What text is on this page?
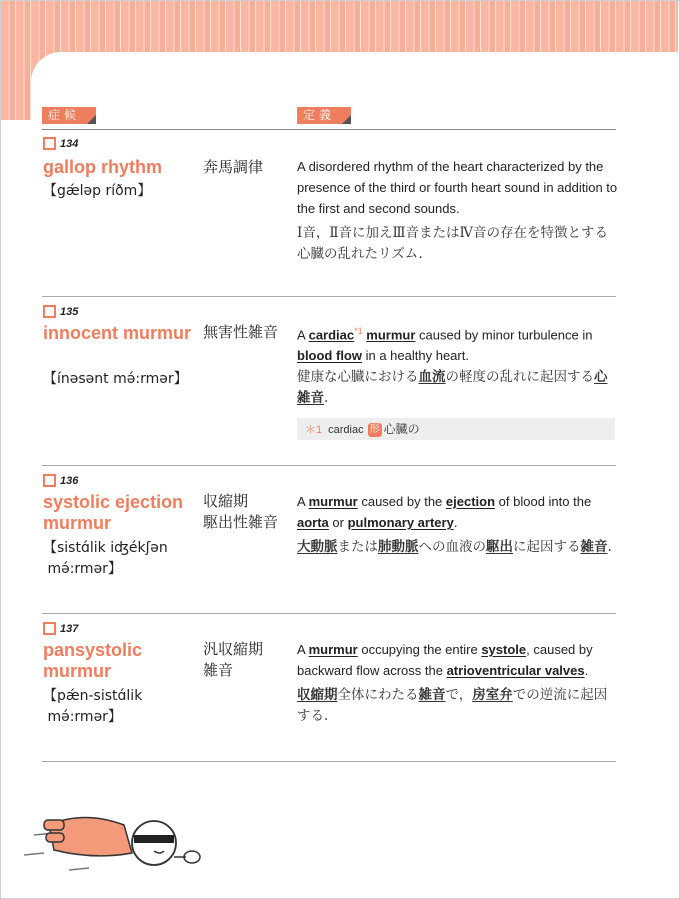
症候	定義
134
gallop rhythm
【gǽləp ríðm】
奔馬調律	A disordered rhythm of the heart characterized by the presence of the third or fourth heart sound in addition to the first and second sounds.
Ⅰ音，Ⅱ音に加えⅢ音またはⅣ音の存在を特徴とする心臓の乱れたリズム．
135
innocent murmur
【ínəsənt mə́:rmər】
無害性雑音 A cardiac$^{*1}$ murmur caused by minor turbulence in blood flow in a healthy heart.
健康な心臓における血流の軽度の乱れに起因する心雑音.
＊1 cardiac 形 心臓の
136
systolic ejection murmur
【sistɑ́lik iʤékʃən
mə́:rmər】
収縮期
駆出性雑音
A murmur caused by the ejection of blood into the aorta or pulmonary artery.
大動脈または肺動脈への血液の駆出に起因する雑音.
137
pansystolic murmur
【pǽn-sistɑ́lik
mə́:rmər】
汎収縮期
雑音
A murmur occupying the entire systole, caused by backward flow across the atrioventricular valves.
収縮期全体にわたる雑音で，房室弁での逆流に起因する.
